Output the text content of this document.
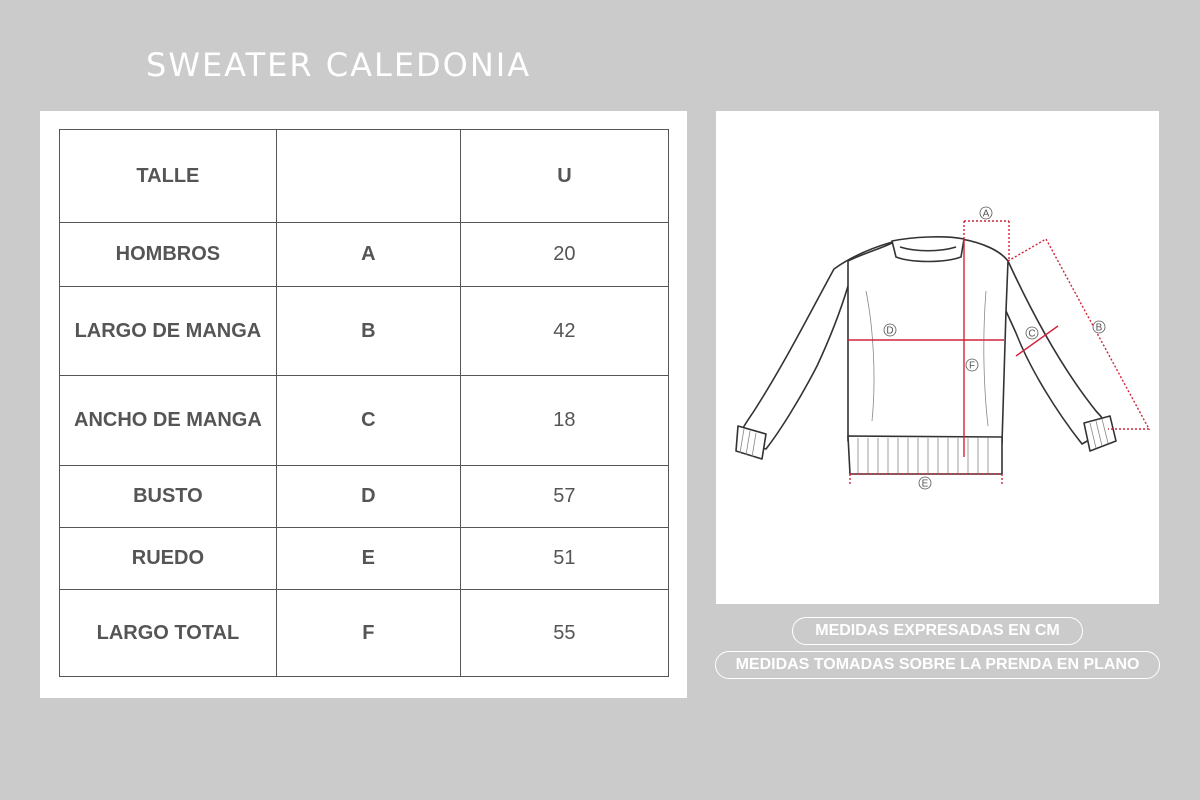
SWEATER CALEDONIA
TALLE		U
HOMBROS	A	20
LARGO DE MANGA	B	42
ANCHO DE MANGA	C	18
BUSTO	D	57
RUEDO	E	51
LARGO TOTAL	F	55
A
B
C
D
E
F
MEDIDAS EXPRESADAS EN CM
MEDIDAS TOMADAS SOBRE LA PRENDA EN PLANO
